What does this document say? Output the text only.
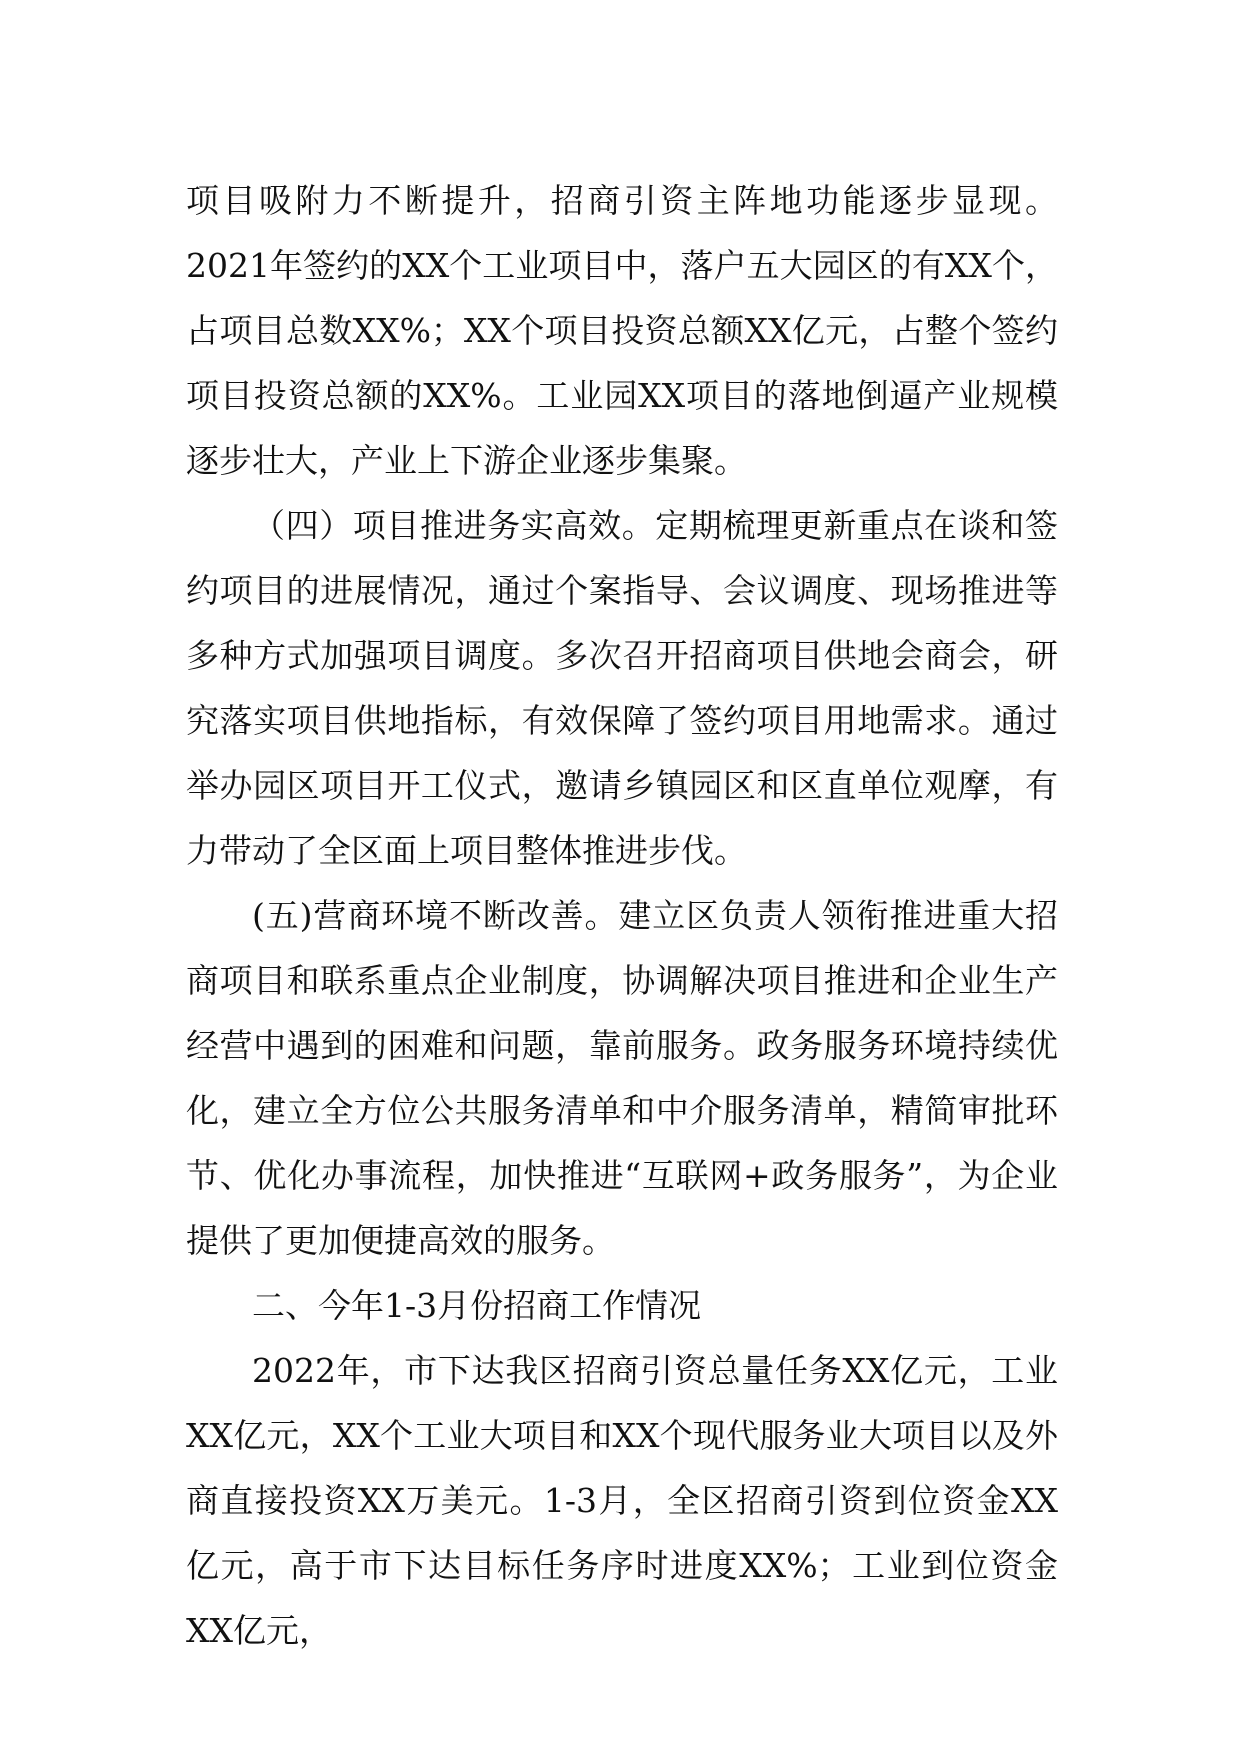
项目吸附力不断提升，招商引资主阵地功能逐步显现。2021年签约的XX个工业项目中，落户五大园区的有XX个，占项目总数XX%；XX个项目投资总额XX亿元，占整个签约项目投资总额的XX%。工业园XX项目的落地倒逼产业规模逐步壮大，产业上下游企业逐步集聚。

（四）项目推进务实高效。定期梳理更新重点在谈和签约项目的进展情况，通过个案指导、会议调度、现场推进等多种方式加强项目调度。多次召开招商项目供地会商会，研究落实项目供地指标，有效保障了签约项目用地需求。通过举办园区项目开工仪式，邀请乡镇园区和区直单位观摩，有力带动了全区面上项目整体推进步伐。

(五)营商环境不断改善。建立区负责人领衔推进重大招商项目和联系重点企业制度，协调解决项目推进和企业生产经营中遇到的困难和问题，靠前服务。政务服务环境持续优化，建立全方位公共服务清单和中介服务清单，精简审批环节、优化办事流程，加快推进“互联网+政务服务”，为企业提供了更加便捷高效的服务。

二、今年1-3月份招商工作情况

2022年，市下达我区招商引资总量任务XX亿元，工业XX亿元，XX个工业大项目和XX个现代服务业大项目以及外商直接投资XX万美元。1-3月，全区招商引资到位资金XX亿元，高于市下达目标任务序时进度XX%；工业到位资金XX亿元，
